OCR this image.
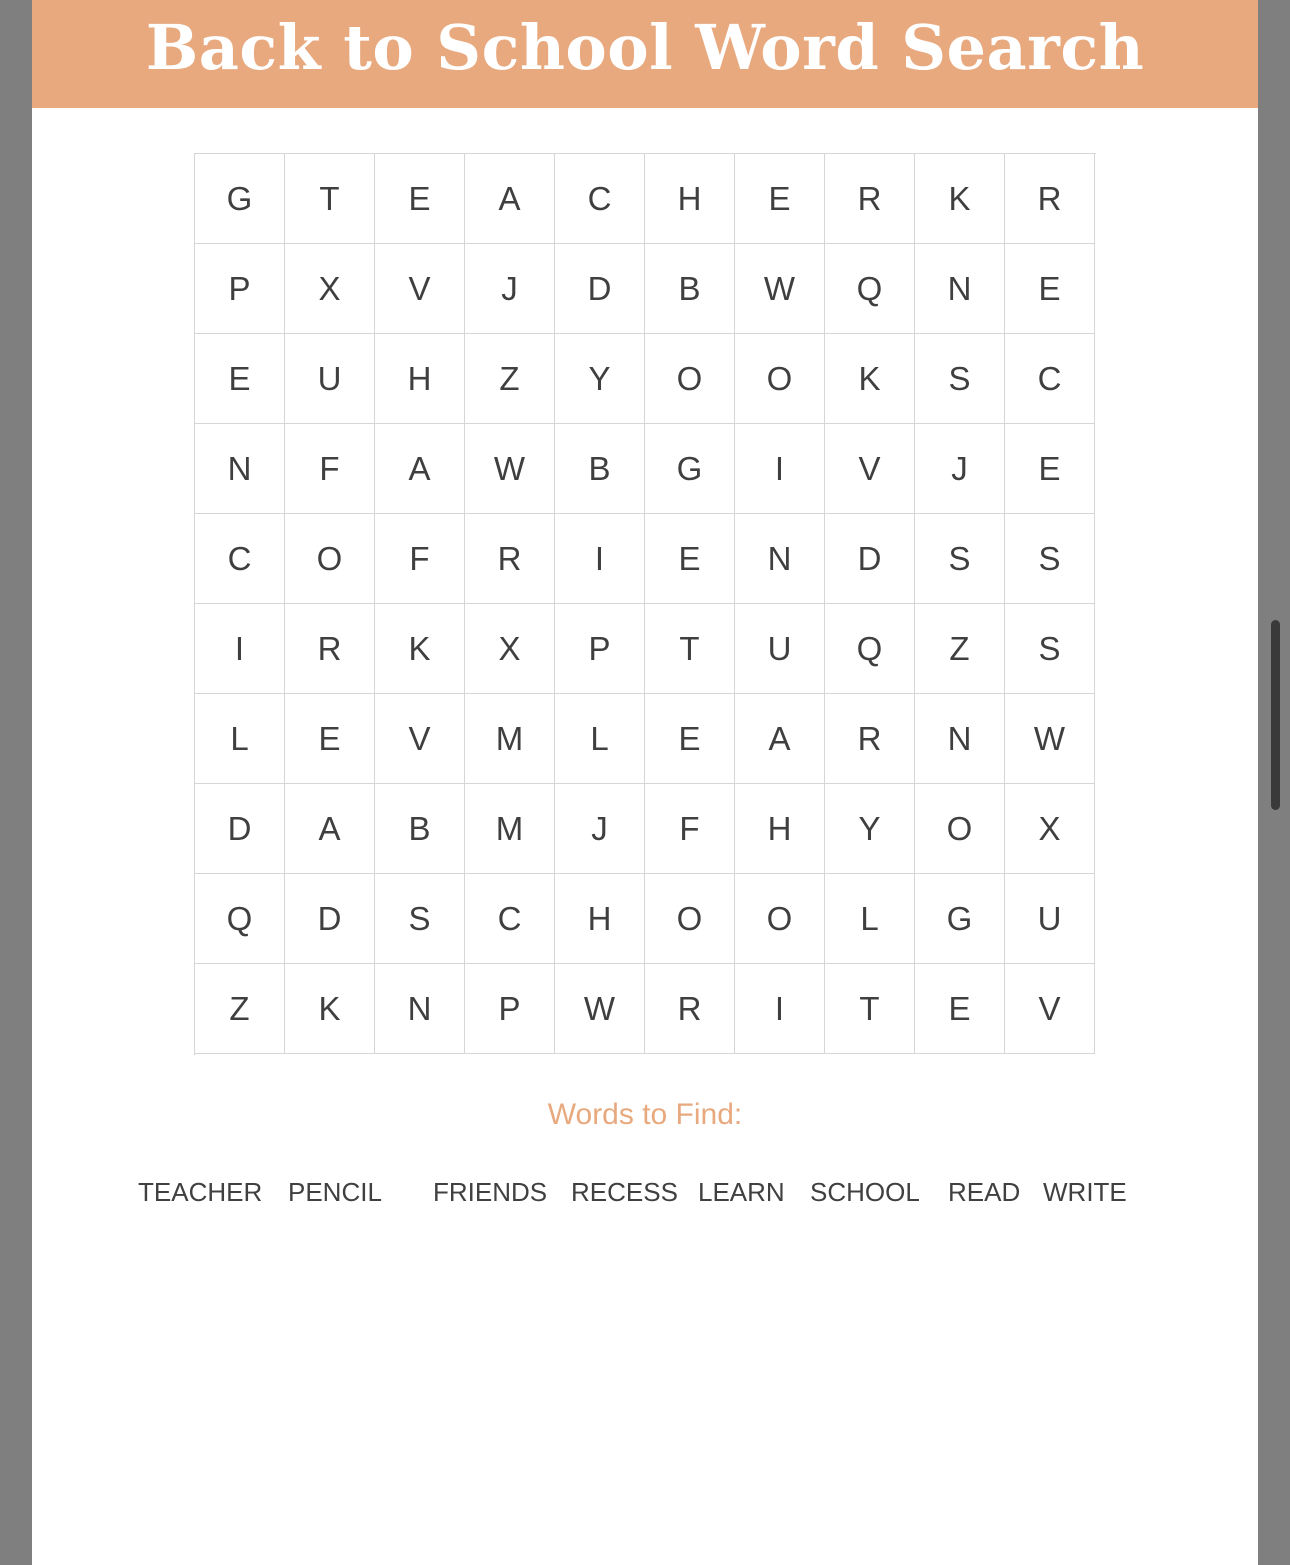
Back to School Word Search
G	T	E	A	C	H	E	R	K	R
P	X	V	J	D	B	W	Q	N	E
E	U	H	Z	Y	O	O	K	S	C
N	F	A	W	B	G	I	V	J	E
C	O	F	R	I	E	N	D	S	S
I	R	K	X	P	T	U	Q	Z	S
L	E	V	M	L	E	A	R	N	W
D	A	B	M	J	F	H	Y	O	X
Q	D	S	C	H	O	O	L	G	U
Z	K	N	P	W	R	I	T	E	V
Words to Find:
TEACHER PENCIL FRIENDS RECESS LEARN SCHOOL READ WRITE
